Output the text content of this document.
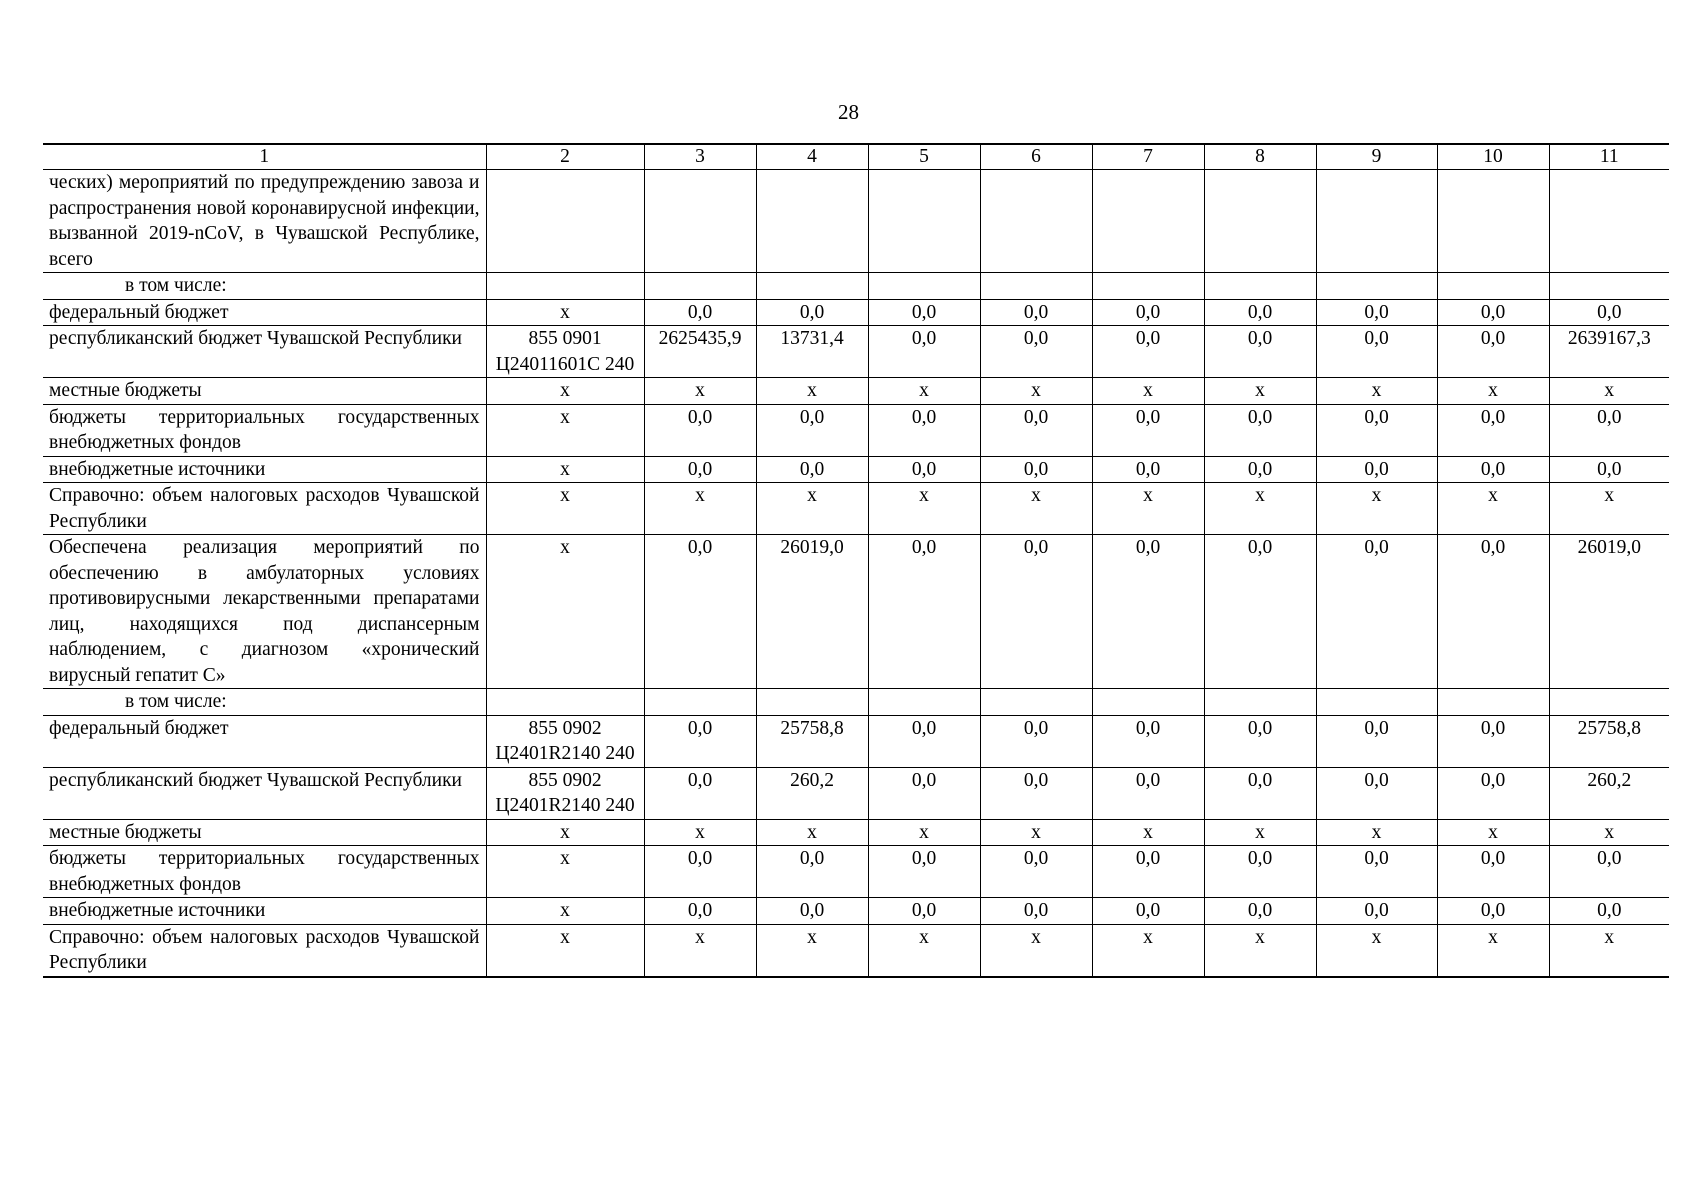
28
1	2	3	4	5	6	7	8	9	10	11
ческих) мероприятий по предупреждению завоза и распространения новой коронавирусной инфекции, вызванной 2019-nCoV, в Чувашской Республике, всего										
в том числе:										
федеральный бюджет	x	0,0	0,0	0,0	0,0	0,0	0,0	0,0	0,0	0,0
республиканский бюджет Чувашской Республики	855 0901 Ц24011601С 240	2625435,9	13731,4	0,0	0,0	0,0	0,0	0,0	0,0	2639167,3
местные бюджеты	x	x	x	x	x	x	x	x	x	x
бюджеты территориальных государственных внебюджетных фондов	x	0,0	0,0	0,0	0,0	0,0	0,0	0,0	0,0	0,0
внебюджетные источники	x	0,0	0,0	0,0	0,0	0,0	0,0	0,0	0,0	0,0
Справочно: объем налоговых расходов Чувашской Республики	x	x	x	x	x	x	x	x	x	x
Обеспечена реализация мероприятий по обеспечению в амбулаторных условиях противовирусными лекарственными препаратами лиц, находящихся под диспансерным наблюдением, с диагнозом «хронический вирусный гепатит С»	x	0,0	26019,0	0,0	0,0	0,0	0,0	0,0	0,0	26019,0
в том числе:										
федеральный бюджет	855 0902 Ц2401R2140 240	0,0	25758,8	0,0	0,0	0,0	0,0	0,0	0,0	25758,8
республиканский бюджет Чувашской Республики	855 0902 Ц2401R2140 240	0,0	260,2	0,0	0,0	0,0	0,0	0,0	0,0	260,2
местные бюджеты	x	x	x	x	x	x	x	x	x	x
бюджеты территориальных государственных внебюджетных фондов	x	0,0	0,0	0,0	0,0	0,0	0,0	0,0	0,0	0,0
внебюджетные источники	x	0,0	0,0	0,0	0,0	0,0	0,0	0,0	0,0	0,0
Справочно: объем налоговых расходов Чувашской Республики	x	x	x	x	x	x	x	x	x	x
